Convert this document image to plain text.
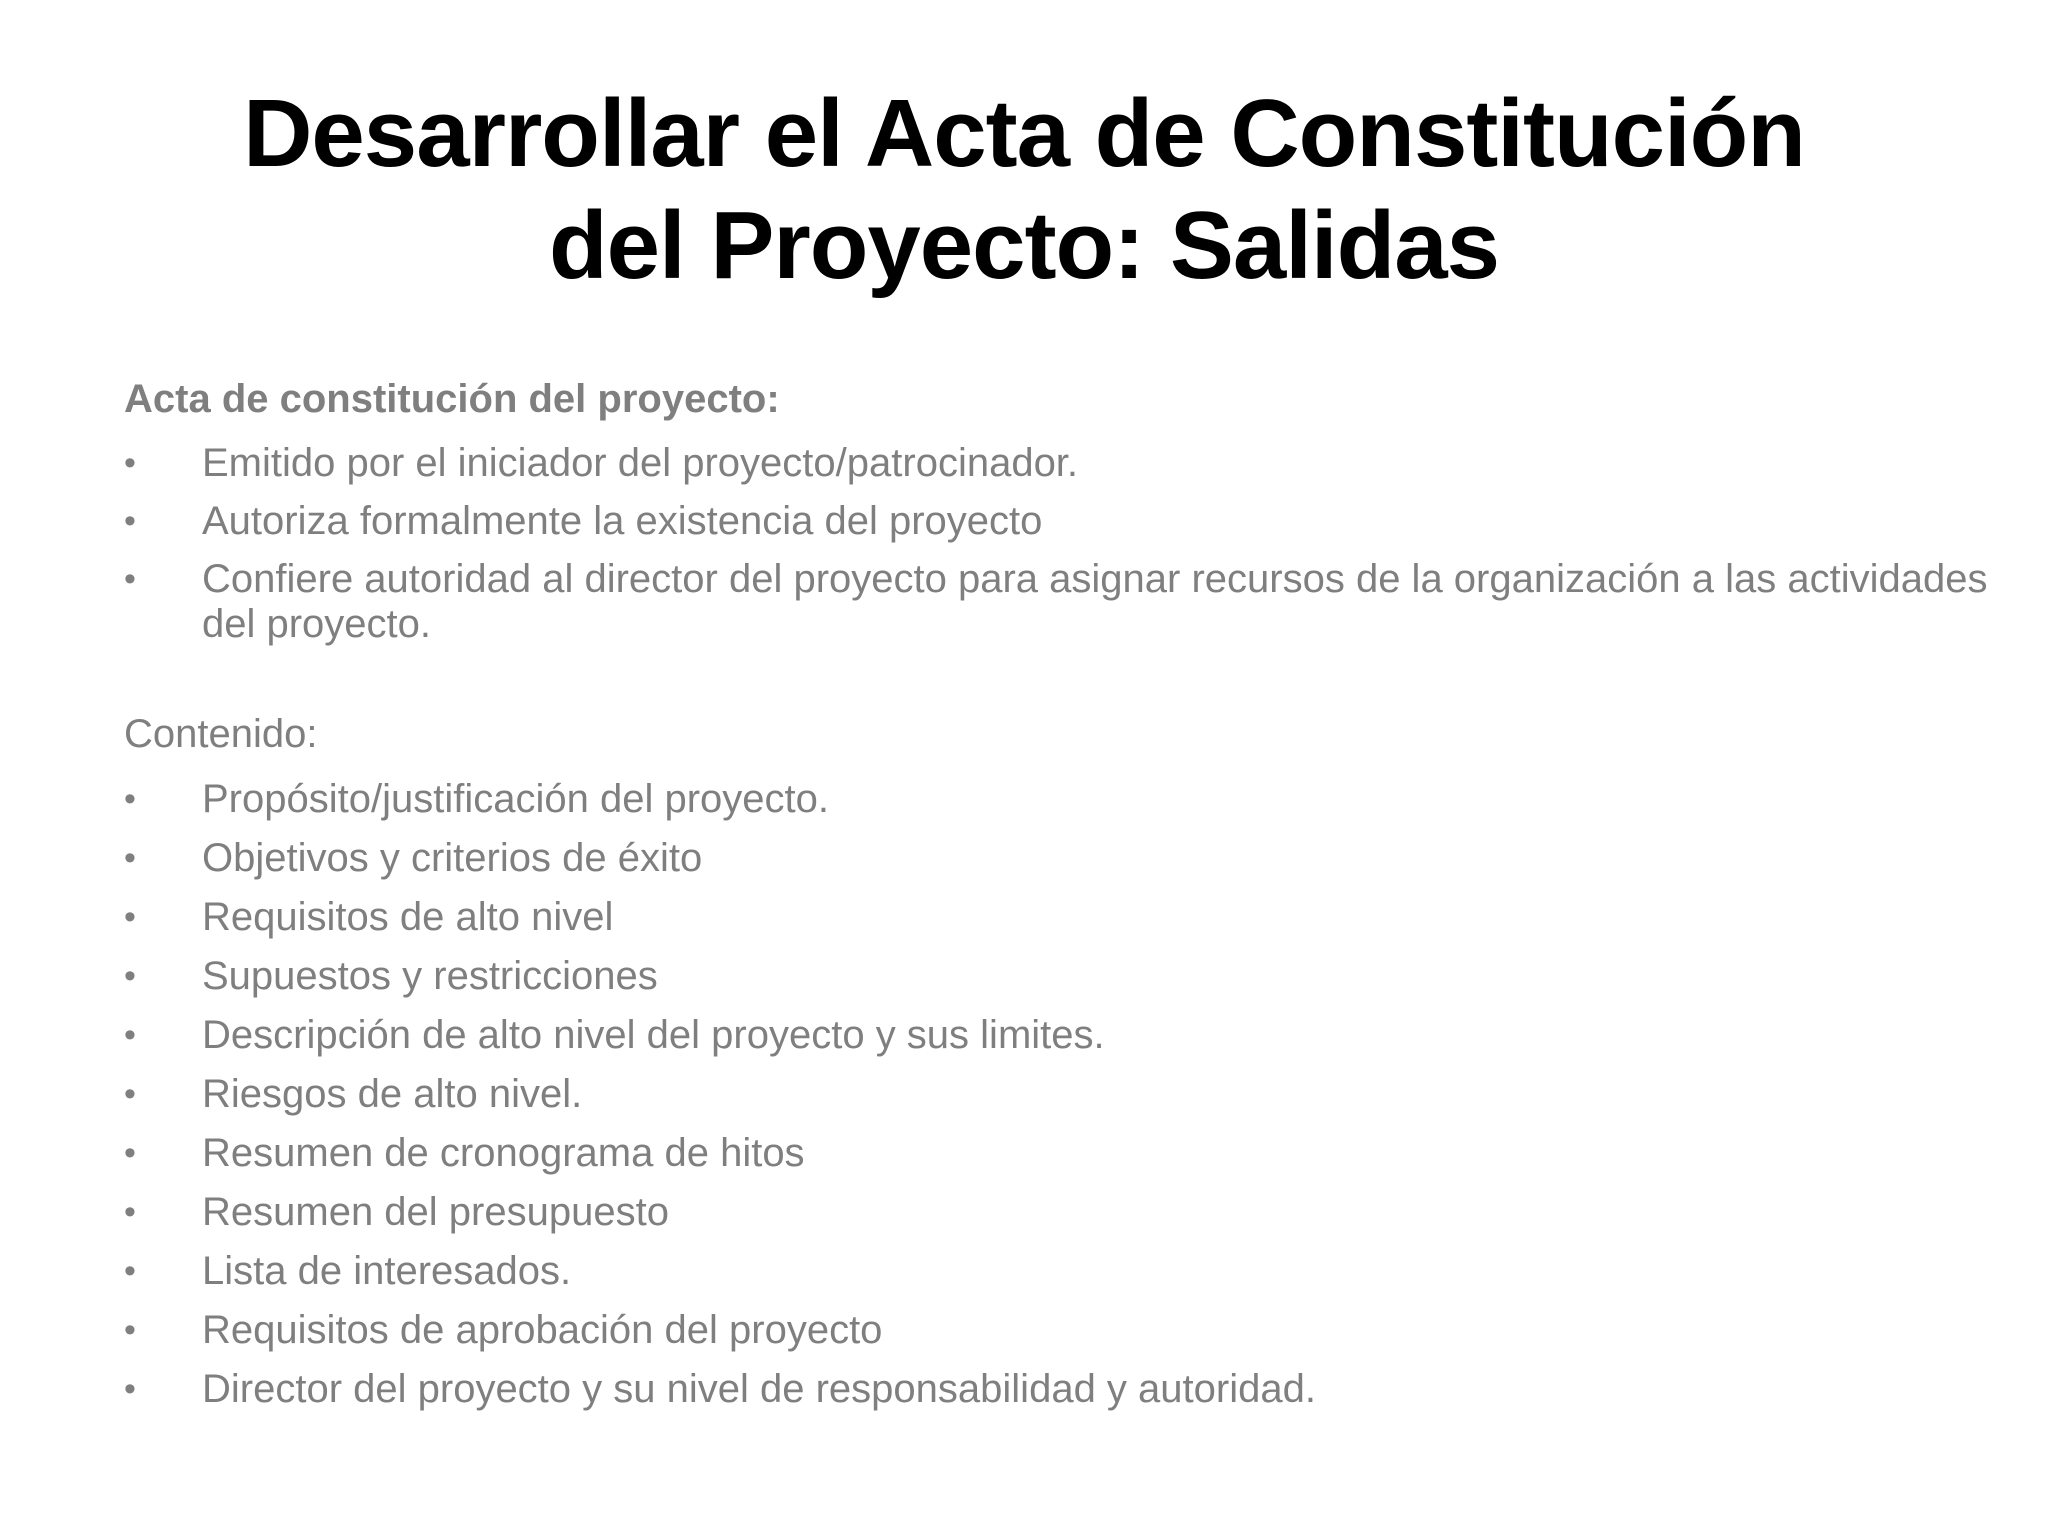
Desarrollar el Acta de Constitución
del Proyecto: Salidas
Acta de constitución del proyecto:
• Emitido por el iniciador del proyecto/patrocinador.
• Autoriza formalmente la existencia del proyecto
• Confiere autoridad al director del proyecto para asignar recursos de la organización a las actividades del proyecto.
Contenido:
• Propósito/justificación del proyecto.
• Objetivos y criterios de éxito
• Requisitos de alto nivel
• Supuestos y restricciones
• Descripción de alto nivel del proyecto y sus limites.
• Riesgos de alto nivel.
• Resumen de cronograma de hitos
• Resumen del presupuesto
• Lista de interesados.
• Requisitos de aprobación del proyecto
• Director del proyecto y su nivel de responsabilidad y autoridad.
